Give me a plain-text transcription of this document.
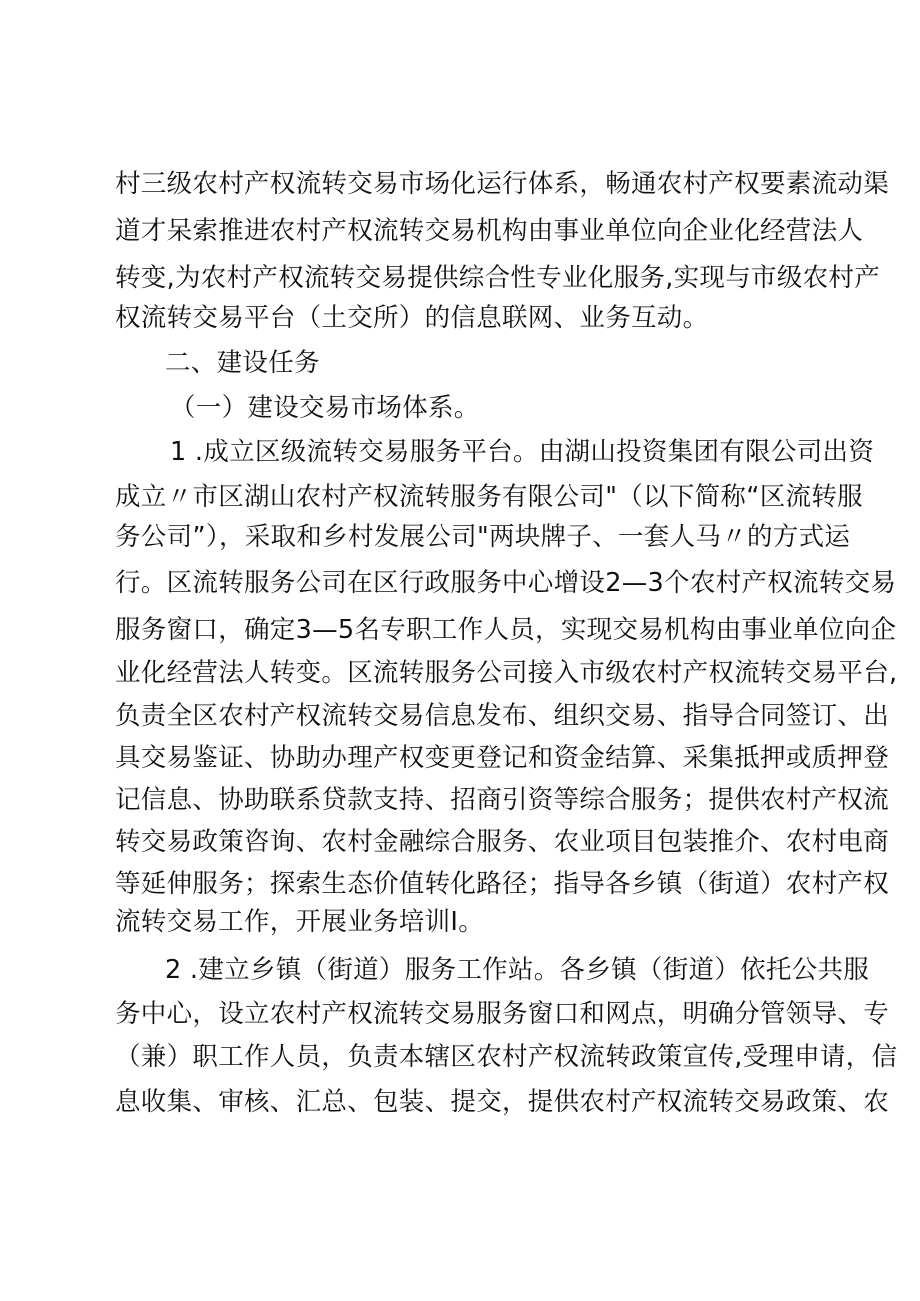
村三级农村产权流转交易市场化运行体系，畅通农村产权要素流动渠
道才呆索推进农村产权流转交易机构由事业单位向企业化经营法人
转变,为农村产权流转交易提供综合性专业化服务,实现与市级农村产
权流转交易平台（土交所）的信息联网、业务互动。
二、建设任务
（一）建设交易市场体系。
1 .成立区级流转交易服务平台。由湖山投资集团有限公司出资
成立〃市区湖山农村产权流转服务有限公司"（以下简称“区流转服
务公司”），采取和乡村发展公司"两块牌子、一套人马〃的方式运
行。区流转服务公司在区行政服务中心增设2—3个农村产权流转交易
服务窗口，确定3—5名专职工作人员，实现交易机构由事业单位向企
业化经营法人转变。区流转服务公司接入市级农村产权流转交易平台,
负责全区农村产权流转交易信息发布、组织交易、指导合同签订、出
具交易鉴证、协助办理产权变更登记和资金结算、采集抵押或质押登
记信息、协助联系贷款支持、招商引资等综合服务；提供农村产权流
转交易政策咨询、农村金融综合服务、农业项目包装推介、农村电商
等延伸服务；探索生态价值转化路径；指导各乡镇（街道）农村产权
流转交易工作，开展业务培训I。
2 .建立乡镇（街道）服务工作站。各乡镇（街道）依托公共服
务中心，设立农村产权流转交易服务窗口和网点，明确分管领导、专
（兼）职工作人员，负责本辖区农村产权流转政策宣传,受理申请，信
息收集、审核、汇总、包装、提交，提供农村产权流转交易政策、农
